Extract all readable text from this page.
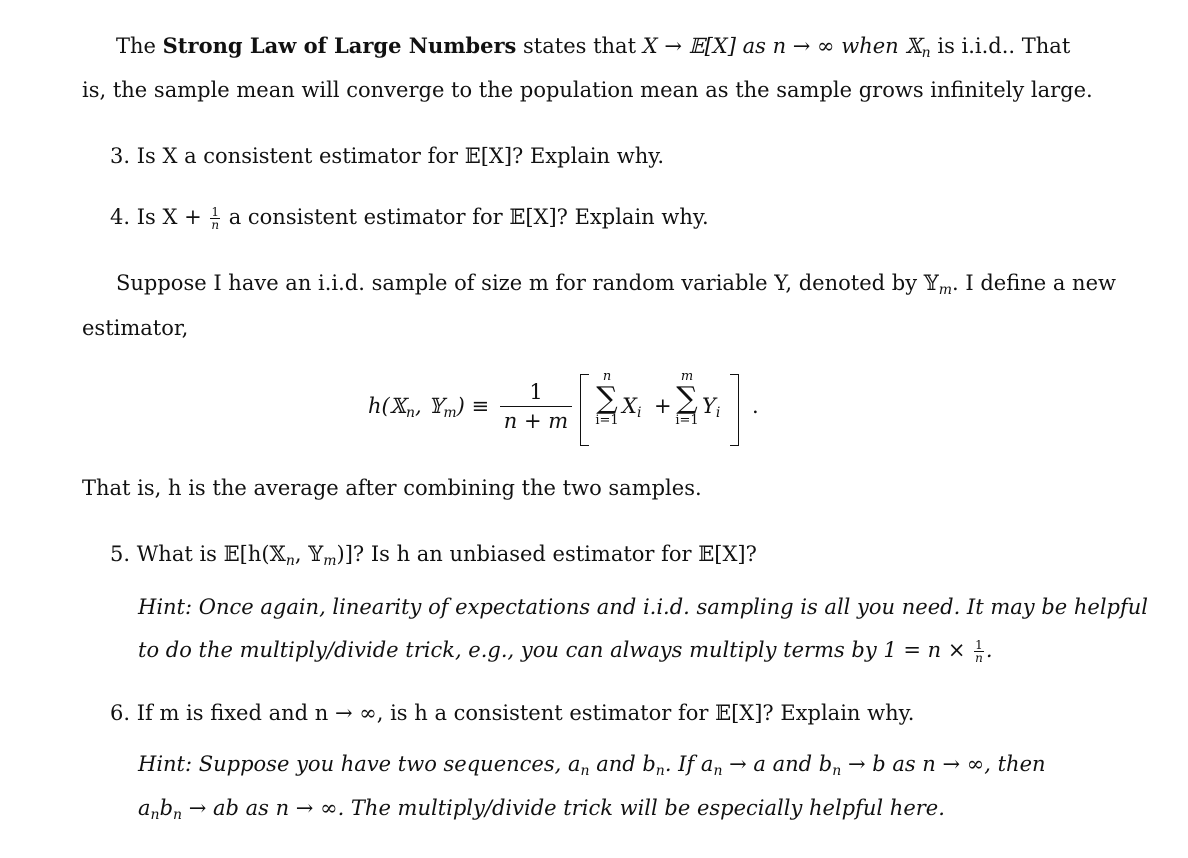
The Strong Law of Large Numbers states that X → 𝔼[X] as n → ∞ when 𝕏$_n$ is i.i.d.. That
is, the sample mean will converge to the population mean as the sample grows infinitely large.
3. Is X a consistent estimator for 𝔼[X]? Explain why.
4. Is $X + \frac{1}{n}$ a consistent estimator for 𝔼[X]? Explain why.
Suppose I have an i.i.d. sample of size m for random variable Y, denoted by 𝕐$_m$. I define a new
estimator,
h(𝕏$_n$, 𝕐$_m$) ≡ $\frac{1}{n + m}$
n
∑
i=1
$X_i$ +
m
∑
i=1
$Y_i$ .
That is, h is the average after combining the two samples.
5. What is 𝔼[h(𝕏$_n$, 𝕐$_m$)]? Is h an unbiased estimator for 𝔼[X]?
Hint: Once again, linearity of expectations and i.i.d. sampling is all you need. It may be helpful
to do the multiply/divide trick, e.g., you can always multiply terms by $1 = n \times \frac{1}{n}$ .
6. If m is fixed and n → ∞, is h a consistent estimator for 𝔼[X]? Explain why.
Hint: Suppose you have two sequences, $a_n$ and $b_n$. If $a_n \to a$ and $b_n \to b$ as n → ∞, then
$a_nb_n$ → ab as n → ∞. The multiply/divide trick will be especially helpful here.
